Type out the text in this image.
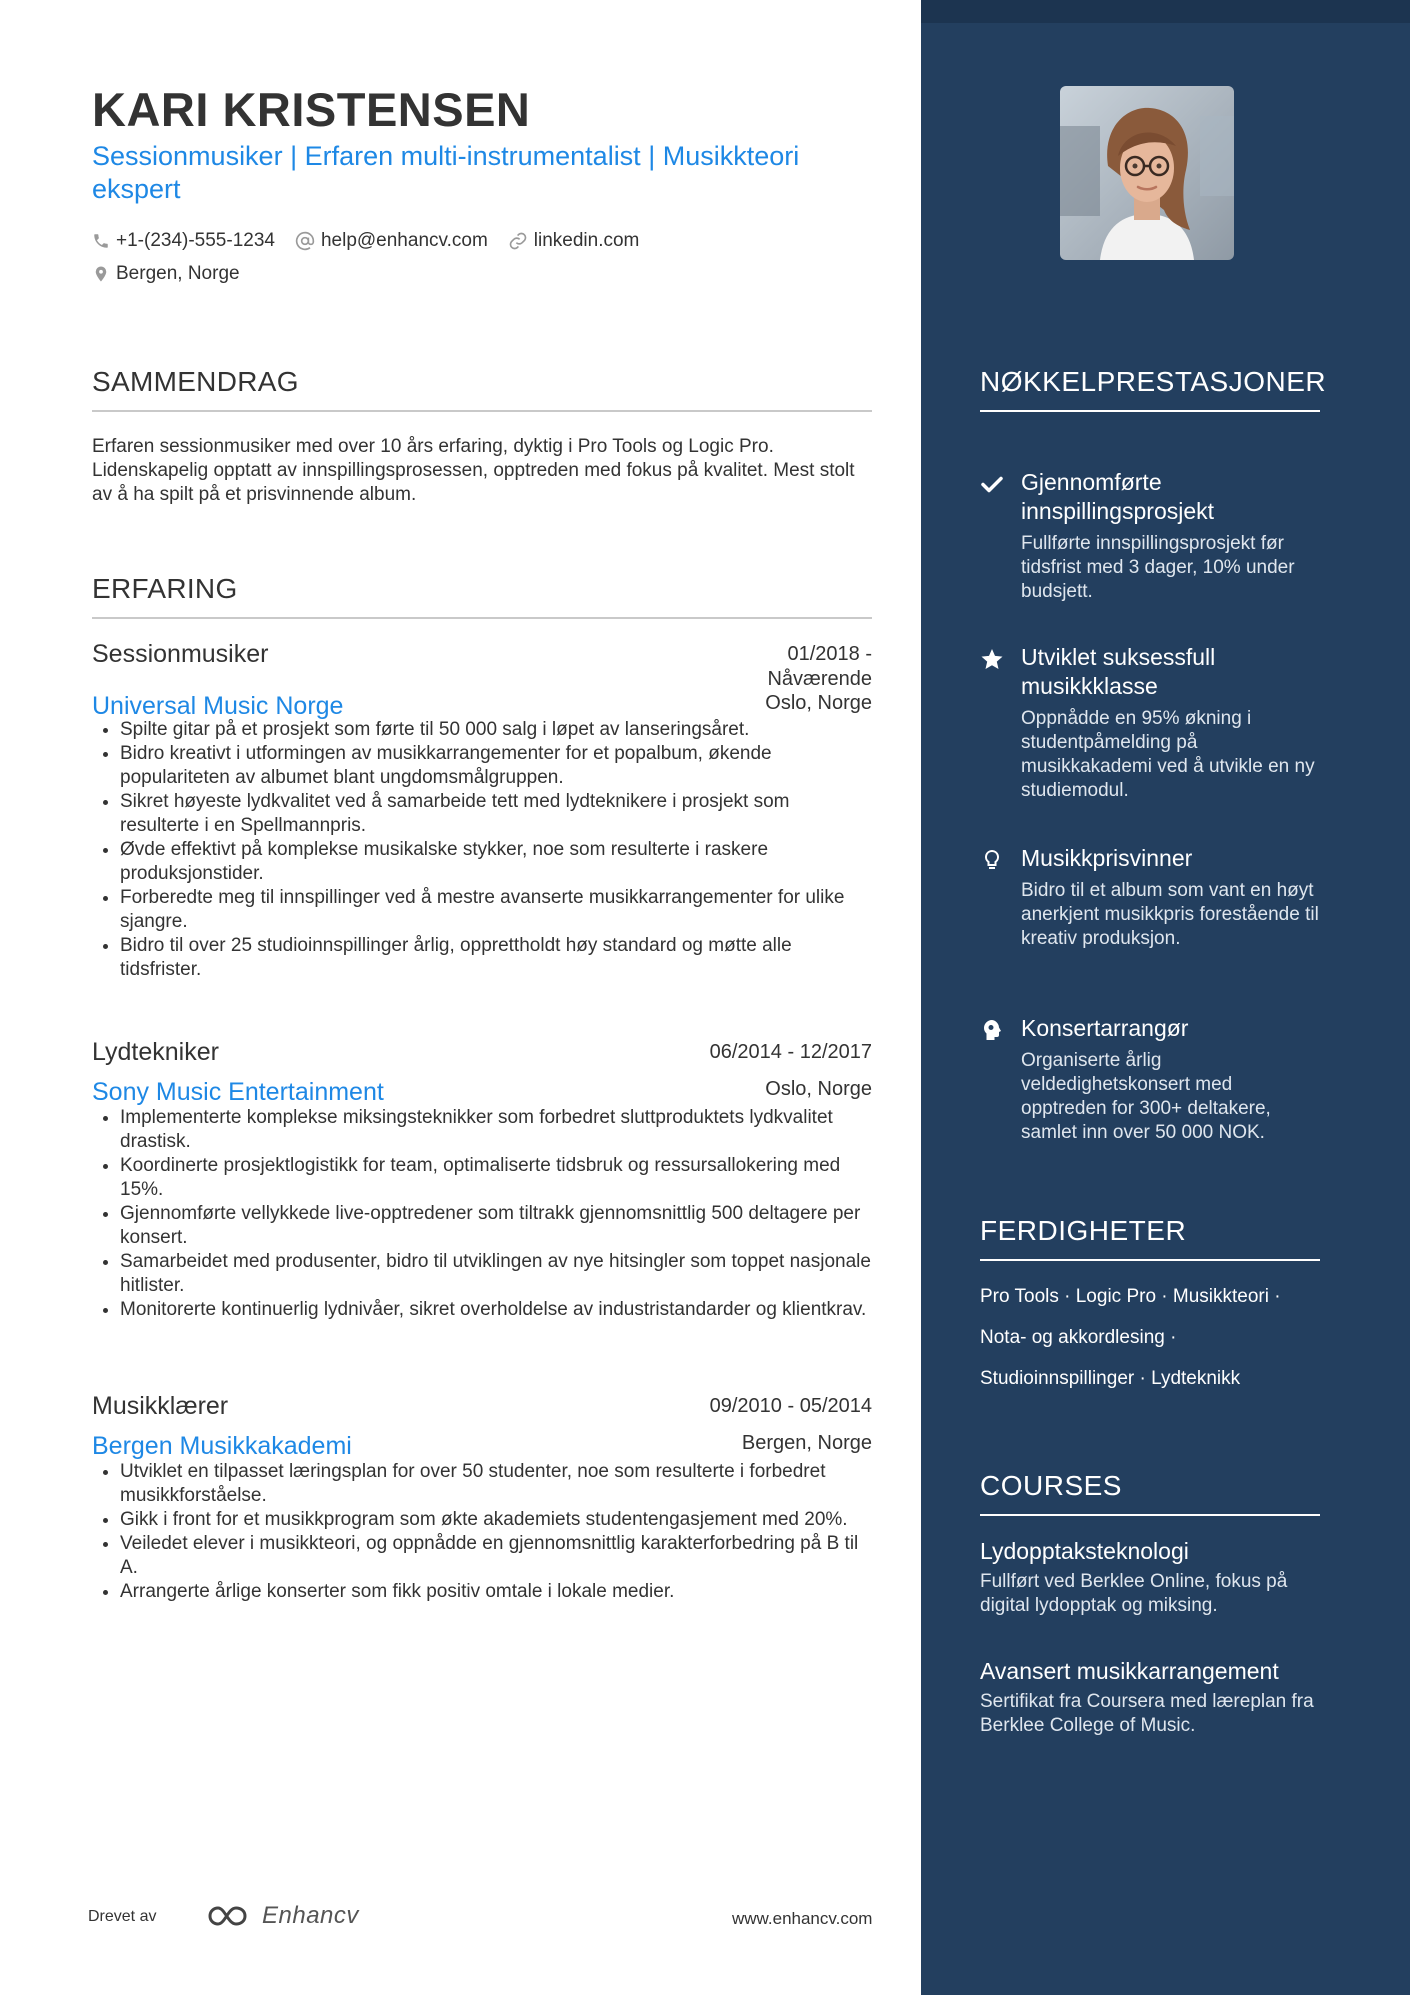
KARI KRISTENSEN

Sessionmusiker | Erfaren multi-instrumentalist | Musikkteori ekspert

+1-(234)-555-1234 help@enhancv.com linkedin.com
Bergen, Norge
SAMMENDRAG

Erfaren sessionmusiker med over 10 års erfaring, dyktig i Pro Tools og Logic Pro. Lidenskapelig opptatt av innspillingsprosessen, opptreden med fokus på kvalitet. Mest stolt av å ha spilt på et prisvinnende album.

ERFARING
Sessionmusiker	01/2018 - Nåværende
Universal Music Norge	Oslo, Norge
• Spilte gitar på et prosjekt som førte til 50 000 salg i løpet av lanseringsåret.
• Bidro kreativt i utformingen av musikkarrangementer for et popalbum, økende populariteten av albumet blant ungdomsmålgruppen.
• Sikret høyeste lydkvalitet ved å samarbeide tett med lydteknikere i prosjekt som resulterte i en Spellmannpris.
• Øvde effektivt på komplekse musikalske stykker, noe som resulterte i raskere produksjonstider.
• Forberedte meg til innspillinger ved å mestre avanserte musikkarrangementer for ulike sjangre.
• Bidro til over 25 studioinnspillinger årlig, opprettholdt høy standard og møtte alle tidsfrister.
Lydtekniker	06/2014 - 12/2017
Sony Music Entertainment	Oslo, Norge
• Implementerte komplekse miksingsteknikker som forbedret sluttproduktets lydkvalitet drastisk.
• Koordinerte prosjektlogistikk for team, optimaliserte tidsbruk og ressursallokering med 15%.
• Gjennomførte vellykkede live-opptredener som tiltrakk gjennomsnittlig 500 deltagere per konsert.
• Samarbeidet med produsenter, bidro til utviklingen av nye hitsingler som toppet nasjonale hitlister.
• Monitorerte kontinuerlig lydnivåer, sikret overholdelse av industristandarder og klientkrav.
Musikklærer	09/2010 - 05/2014
Bergen Musikkakademi	Bergen, Norge
• Utviklet en tilpasset læringsplan for over 50 studenter, noe som resulterte i forbedret musikkforståelse.
• Gikk i front for et musikkprogram som økte akademiets studentengasjement med 20%.
• Veiledet elever i musikkteori, og oppnådde en gjennomsnittlig karakterforbedring på B til A.
• Arrangerte årlige konserter som fikk positiv omtale i lokale medier.
Drevet av	Enhancv	www.enhancv.com
NØKKELPRESTASJONER

Gjennomførte innspillingsprosjekt

Fullførte innspillingsprosjekt før tidsfrist med 3 dager, 10% under budsjett.

Utviklet suksessfull musikkklasse

Oppnådde en 95% økning i studentpåmelding på musikkakademi ved å utvikle en ny studiemodul.

Musikkprisvinner

Bidro til et album som vant en høyt anerkjent musikkpris forestående til kreativ produksjon.

Konsertarrangør

Organiserte årlig veldedighetskonsert med opptreden for 300+ deltakere, samlet inn over 50 000 NOK.

FERDIGHETER
Pro Tools · Logic Pro · Musikkteori ·
Nota- og akkordlesing ·
Studioinnspillinger · Lydteknikk
COURSES

Lydopptaksteknologi

Fullført ved Berklee Online, fokus på digital lydopptak og miksing.

Avansert musikkarrangement

Sertifikat fra Coursera med læreplan fra Berklee College of Music.
